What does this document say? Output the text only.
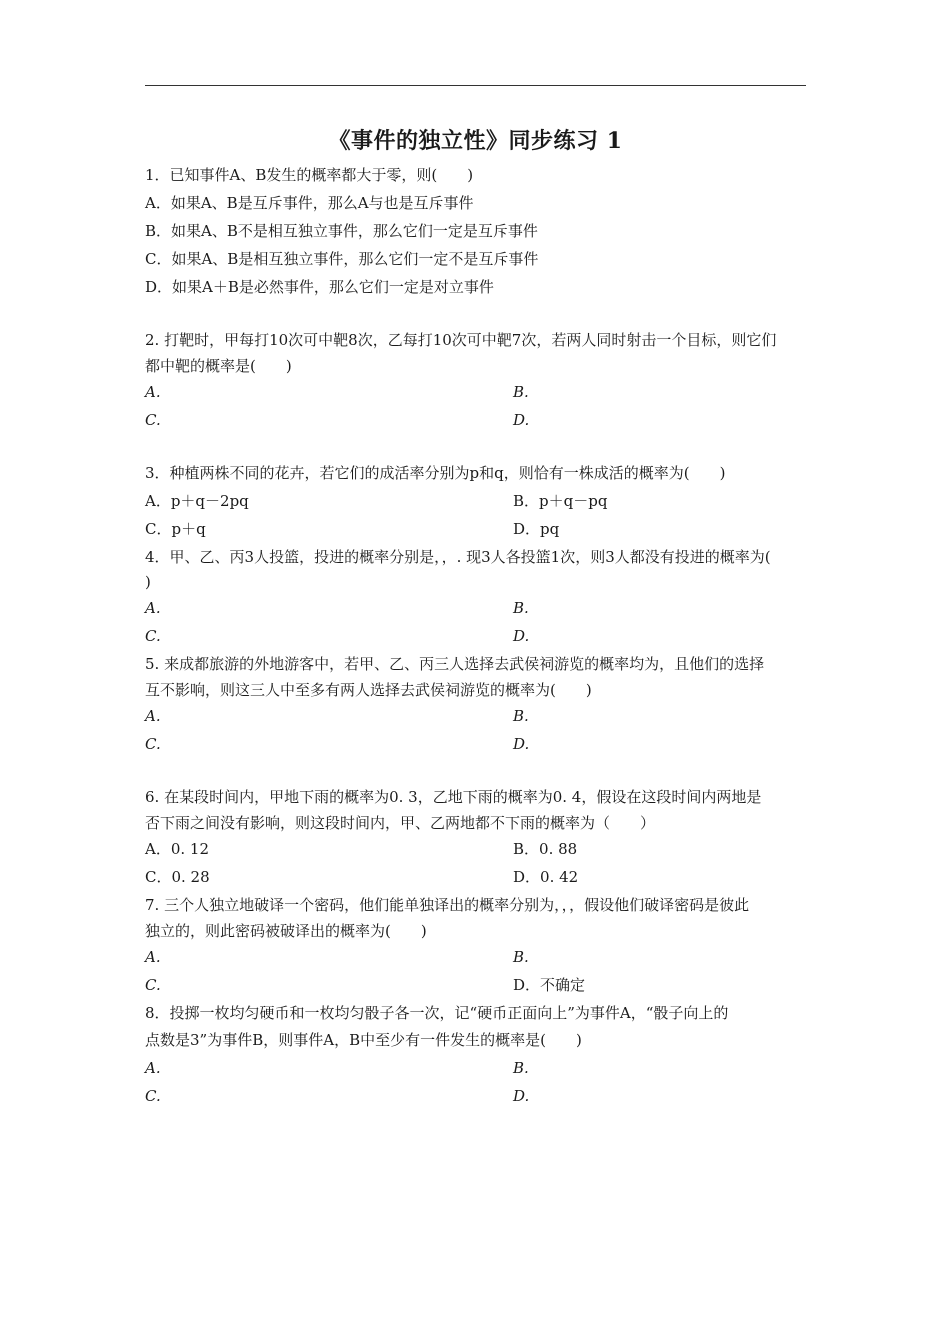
《事件的独立性》同步练习 1
1．已知事件A、B发生的概率都大于零，则(　　)
A．如果A、B是互斥事件，那么A与也是互斥事件
B．如果A、B不是相互独立事件，那么它们一定是互斥事件
C．如果A、B是相互独立事件，那么它们一定不是互斥事件
D．如果A＋B是必然事件，那么它们一定是对立事件
2. 打靶时，甲每打10次可中靶8次，乙每打10次可中靶7次，若两人同时射击一个目标，则它们
都中靶的概率是(　　)
A.	B.
C.	D.
3．种植两株不同的花卉，若它们的成活率分别为p和q，则恰有一株成活的概率为(　　)
A．p＋q－2pq	B．p＋q－pq
C．p＋q	D．pq
4．甲、乙、丙3人投篮，投进的概率分别是，，. 现3人各投篮1次，则3人都没有投进的概率为(
)
A.	B.
C.	D.
5. 来成都旅游的外地游客中，若甲、乙、丙三人选择去武侯祠游览的概率均为，且他们的选择
互不影响，则这三人中至多有两人选择去武侯祠游览的概率为(　　)
A.	B.
C.	D.
6. 在某段时间内，甲地下雨的概率为0. 3，乙地下雨的概率为0. 4，假设在这段时间内两地是
否下雨之间没有影响，则这段时间内，甲、乙两地都不下雨的概率为（　　）
A．0. 12	B．0. 88
C．0. 28	D．0. 42
7. 三个人独立地破译一个密码，他们能单独译出的概率分别为，，，假设他们破译密码是彼此
独立的，则此密码被破译出的概率为(　　)
A.	B.
C.	D．不确定
8．投掷一枚均匀硬币和一枚均匀骰子各一次，记“硬币正面向上”为事件A，“骰子向上的
点数是3”为事件B，则事件A，B中至少有一件发生的概率是(　　)
A.	B.
C.	D.
